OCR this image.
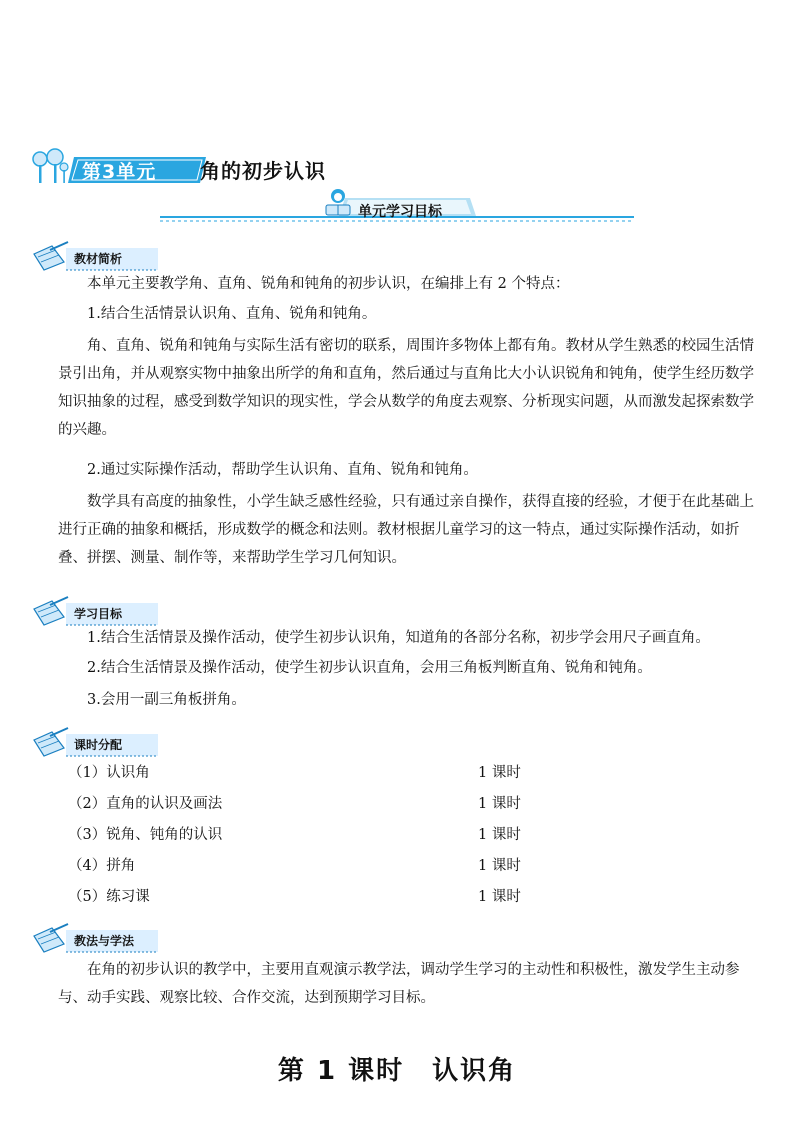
第3单元 角的初步认识
单元学习目标
教材简析

本单元主要教学角、直角、锐角和钝角的初步认识，在编排上有 2 个特点：

1.结合生活情景认识角、直角、锐角和钝角。

角、直角、锐角和钝角与实际生活有密切的联系，周围许多物体上都有角。教材从学生熟悉的校园生活情景引出角，并从观察实物中抽象出所学的角和直角，然后通过与直角比大小认识锐角和钝角，使学生经历数学知识抽象的过程，感受到数学知识的现实性，学会从数学的角度去观察、分析现实问题，从而激发起探索数学的兴趣。

2.通过实际操作活动，帮助学生认识角、直角、锐角和钝角。

数学具有高度的抽象性，小学生缺乏感性经验，只有通过亲自操作，获得直接的经验，才便于在此基础上进行正确的抽象和概括，形成数学的概念和法则。教材根据儿童学习的这一特点，通过实际操作活动，如折叠、拼摆、测量、制作等，来帮助学生学习几何知识。

学习目标

1.结合生活情景及操作活动，使学生初步认识角，知道角的各部分名称，初步学会用尺子画直角。

2.结合生活情景及操作活动，使学生初步认识直角，会用三角板判断直角、锐角和钝角。

3.会用一副三角板拼角。

课时分配
（1）认识角	1 课时
（2）直角的认识及画法	1 课时
（3）锐角、钝角的认识	1 课时
（4）拼角	1 课时
（5）练习课	1 课时
教法与学法

在角的初步认识的教学中，主要用直观演示教学法，调动学生学习的主动性和积极性，激发学生主动参与、动手实践、观察比较、合作交流，达到预期学习目标。

第 1 课时　认识角
